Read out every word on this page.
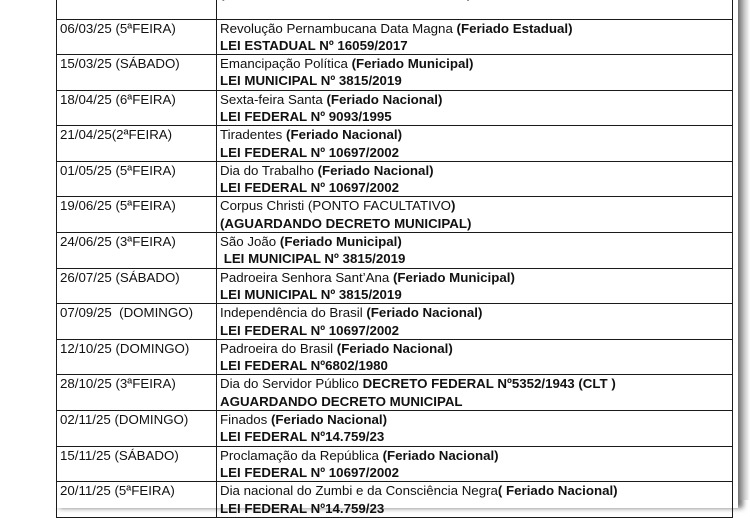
06/03/25 (5ªFEIRA)	Revolução Pernambucana Data Magna (Feriado Estadual)
LEI ESTADUAL Nº 16059/2017

15/03/25 (SÁBADO)	Emancipação Política (Feriado Municipal)
LEI MUNICIPAL Nº 3815/2019

18/04/25 (6ªFEIRA)	Sexta-feira Santa (Feriado Nacional)
LEI FEDERAL Nº 9093/1995

21/04/25(2ªFEIRA)	Tiradentes (Feriado Nacional)
LEI FEDERAL Nº 10697/2002

01/05/25 (5ªFEIRA)	Dia do Trabalho (Feriado Nacional)
LEI FEDERAL Nº 10697/2002

19/06/25 (5ªFEIRA)	Corpus Christi (PONTO FACULTATIVO)
(AGUARDANDO DECRETO MUNICIPAL)

24/06/25 (3ªFEIRA)	São João (Feriado Municipal)
LEI MUNICIPAL Nº 3815/2019

26/07/25 (SÁBADO)	Padroeira Senhora Sant’Ana (Feriado Municipal)
LEI MUNICIPAL Nº 3815/2019

07/09/25  (DOMINGO)	Independência do Brasil (Feriado Nacional)
LEI FEDERAL Nº 10697/2002

12/10/25 (DOMINGO)	Padroeira do Brasil (Feriado Nacional)
LEI FEDERAL Nº6802/1980

28/10/25 (3ªFEIRA)	Dia do Servidor Público DECRETO FEDERAL Nº5352/1943 (CLT )
AGUARDANDO DECRETO MUNICIPAL

02/11/25 (DOMINGO)	Finados (Feriado Nacional)
LEI FEDERAL Nº14.759/23

15/11/25 (SÁBADO)	Proclamação da República (Feriado Nacional)
LEI FEDERAL Nº 10697/2002

20/11/25 (5ªFEIRA)	Dia nacional do Zumbi e da Consciência Negra( Feriado Nacional)
LEI FEDERAL Nº14.759/23
